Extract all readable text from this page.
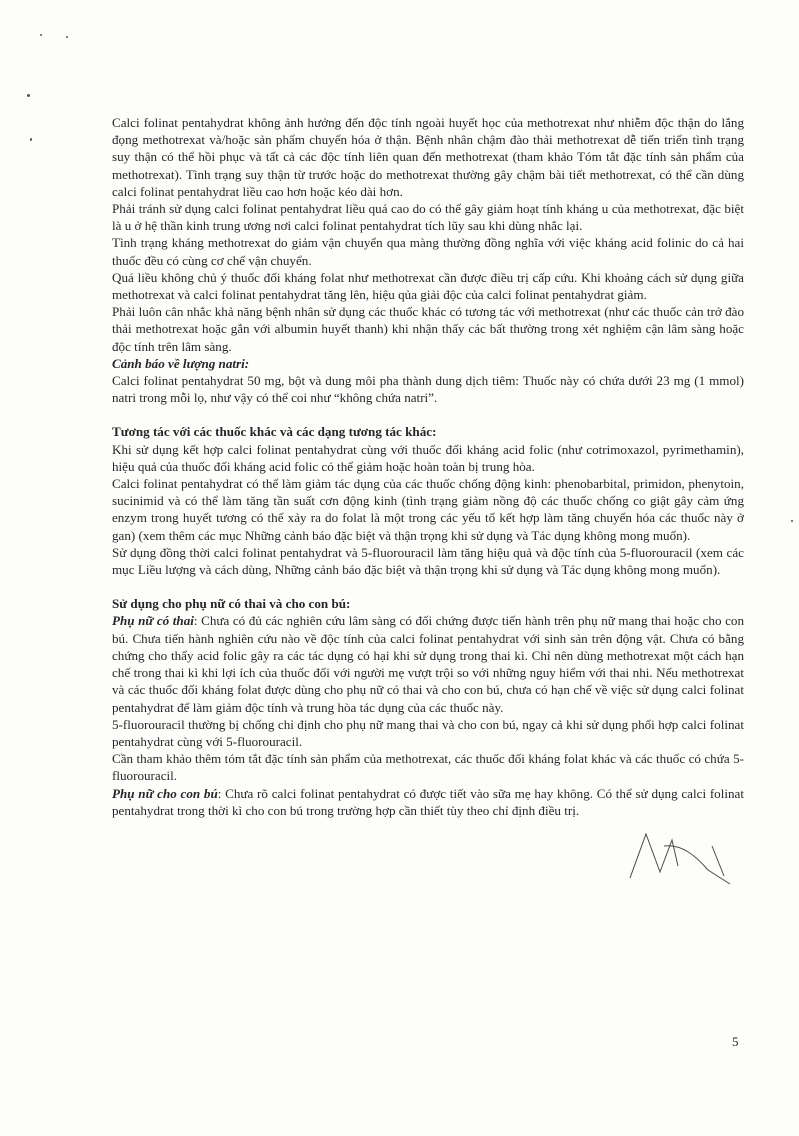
Calci folinat pentahydrat không ảnh hưởng đến độc tính ngoài huyết học của methotrexat như nhiễm độc thận do lắng đọng methotrexat và/hoặc sản phẩm chuyển hóa ở thận. Bệnh nhân chậm đào thải methotrexat dễ tiến triển tình trạng suy thận có thể hồi phục và tất cả các độc tính liên quan đến methotrexat (tham khảo Tóm tắt đặc tính sản phẩm của methotrexat). Tình trạng suy thận từ trước hoặc do methotrexat thường gây chậm bài tiết methotrexat, có thể cần dùng calci folinat pentahydrat liều cao hơn hoặc kéo dài hơn.

Phải tránh sử dụng calci folinat pentahydrat liều quá cao do có thể gây giảm hoạt tính kháng u của methotrexat, đặc biệt là u ở hệ thần kinh trung ương nơi calci folinat pentahydrat tích lũy sau khi dùng nhắc lại.

Tình trạng kháng methotrexat do giảm vận chuyển qua màng thường đồng nghĩa với việc kháng acid folinic do cả hai thuốc đều có cùng cơ chế vận chuyển.

Quá liều không chủ ý thuốc đối kháng folat như methotrexat cần được điều trị cấp cứu. Khi khoảng cách sử dụng giữa methotrexat và calci folinat pentahydrat tăng lên, hiệu qủa giải độc của calci folinat pentahydrat giảm.

Phải luôn cân nhắc khả năng bệnh nhân sử dụng các thuốc khác có tương tác với methotrexat (như các thuốc cản trở đào thải methotrexat hoặc gắn với albumin huyết thanh) khi nhận thấy các bất thường trong xét nghiệm cận lâm sàng hoặc độc tính trên lâm sàng.

Cảnh báo về lượng natri:

Calci folinat pentahydrat 50 mg, bột và dung môi pha thành dung dịch tiêm: Thuốc này có chứa dưới 23 mg (1 mmol) natri trong mỗi lọ, như vậy có thể coi như “không chứa natri”.

Tương tác với các thuốc khác và các dạng tương tác khác:

Khi sử dụng kết hợp calci folinat pentahydrat cùng với thuốc đối kháng acid folic (như cotrimoxazol, pyrimethamin), hiệu quả của thuốc đối kháng acid folic có thể giảm hoặc hoàn toàn bị trung hòa.

Calci folinat pentahydrat có thể làm giảm tác dụng của các thuốc chống động kinh: phenobarbital, primidon, phenytoin, sucinimid và có thể làm tăng tần suất cơn động kinh (tình trạng giảm nồng độ các thuốc chống co giật gây cảm ứng enzym trong huyết tương có thể xảy ra do folat là một trong các yếu tố kết hợp làm tăng chuyển hóa các thuốc này ở gan) (xem thêm các mục Những cảnh báo đặc biệt và thận trọng khi sử dụng và Tác dụng không mong muốn).

Sử dụng đồng thời calci folinat pentahydrat và 5-fluorouracil làm tăng hiệu quả và độc tính của 5-fluorouracil (xem các mục Liều lượng và cách dùng, Những cảnh báo đặc biệt và thận trọng khi sử dụng và Tác dụng không mong muốn).

Sử dụng cho phụ nữ có thai và cho con bú:

Phụ nữ có thai: Chưa có đủ các nghiên cứu lâm sàng có đối chứng được tiến hành trên phụ nữ mang thai hoặc cho con bú. Chưa tiến hành nghiên cứu nào về độc tính của calci folinat pentahydrat với sinh sản trên động vật. Chưa có bằng chứng cho thấy acid folic gây ra các tác dụng có hại khi sử dụng trong thai kì. Chỉ nên dùng methotrexat một cách hạn chế trong thai kì khi lợi ích của thuốc đối với người mẹ vượt trội so với những nguy hiểm với thai nhi. Nếu methotrexat và các thuốc đối kháng folat được dùng cho phụ nữ có thai và cho con bú, chưa có hạn chế về việc sử dụng calci folinat pentahydrat để làm giảm độc tính và trung hòa tác dụng của các thuốc này.

5-fluorouracil thường bị chống chỉ định cho phụ nữ mang thai và cho con bú, ngay cả khi sử dụng phối hợp calci folinat pentahydrat cùng với 5-fluorouracil.

Cần tham khảo thêm tóm tắt đặc tính sản phẩm của methotrexat, các thuốc đối kháng folat khác và các thuốc có chứa 5-fluorouracil.

Phụ nữ cho con bú: Chưa rõ calci folinat pentahydrat có được tiết vào sữa mẹ hay không. Có thể sử dụng calci folinat pentahydrat trong thời kì cho con bú trong trường hợp cần thiết tùy theo chỉ định điều trị.

5
